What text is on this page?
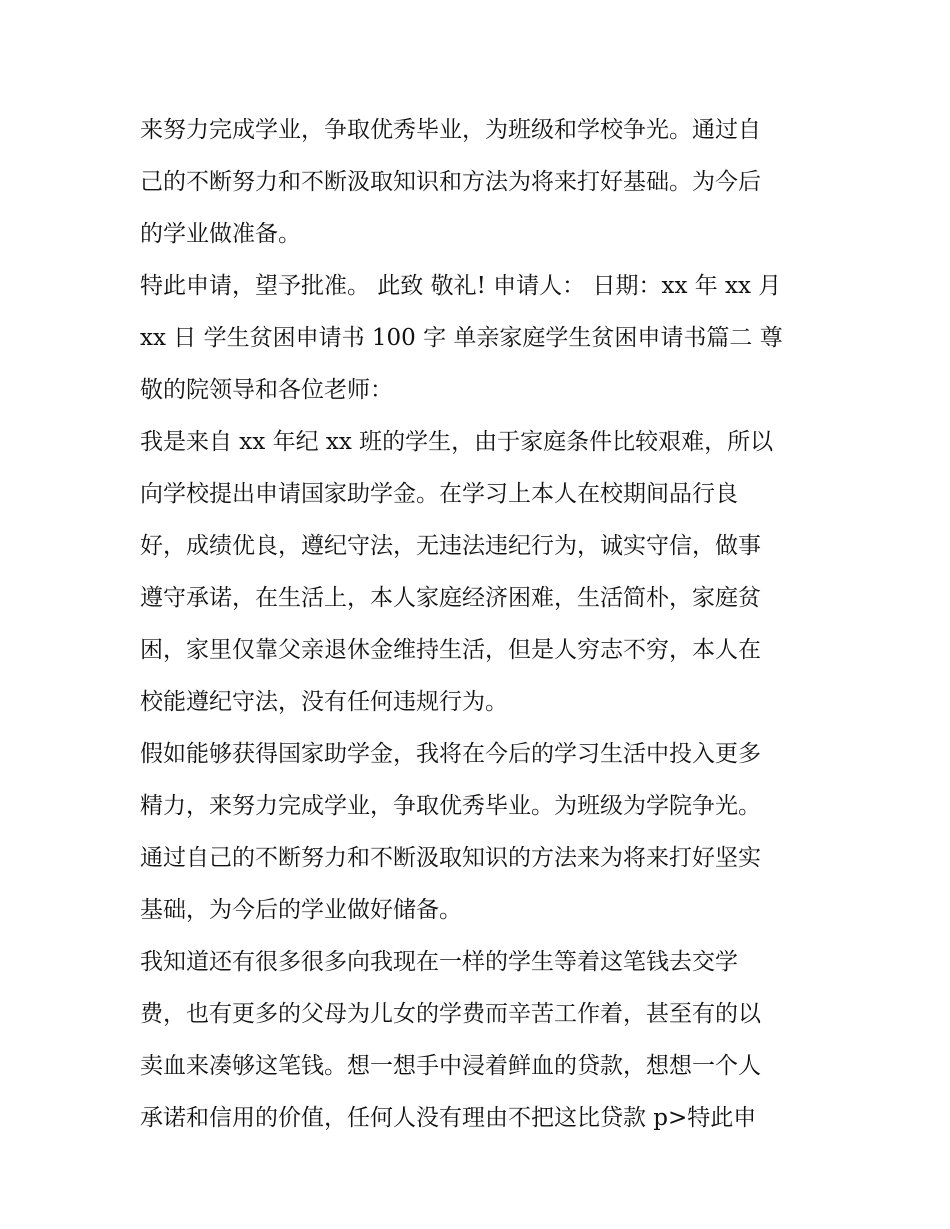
来努力完成学业，争取优秀毕业，为班级和学校争光。通过自
己的不断努力和不断汲取知识和方法为将来打好基础。为今后
的学业做准备。
特此申请，望予批准。 此致 敬礼! 申请人： 日期：xx 年 xx 月
xx 日 学生贫困申请书 100 字 单亲家庭学生贫困申请书篇二 尊
敬的院领导和各位老师：
我是来自 xx 年纪 xx 班的学生，由于家庭条件比较艰难，所以
向学校提出申请国家助学金。在学习上本人在校期间品行良
好，成绩优良，遵纪守法，无违法违纪行为，诚实守信，做事
遵守承诺，在生活上，本人家庭经济困难，生活简朴，家庭贫
困，家里仅靠父亲退休金维持生活，但是人穷志不穷，本人在
校能遵纪守法，没有任何违规行为。
假如能够获得国家助学金，我将在今后的学习生活中投入更多
精力，来努力完成学业，争取优秀毕业。为班级为学院争光。
通过自己的不断努力和不断汲取知识的方法来为将来打好坚实
基础，为今后的学业做好储备。
我知道还有很多很多向我现在一样的学生等着这笔钱去交学
费，也有更多的父母为儿女的学费而辛苦工作着，甚至有的以
卖血来凑够这笔钱。想一想手中浸着鲜血的贷款，想想一个人
承诺和信用的价值，任何人没有理由不把这比贷款 p>特此申
